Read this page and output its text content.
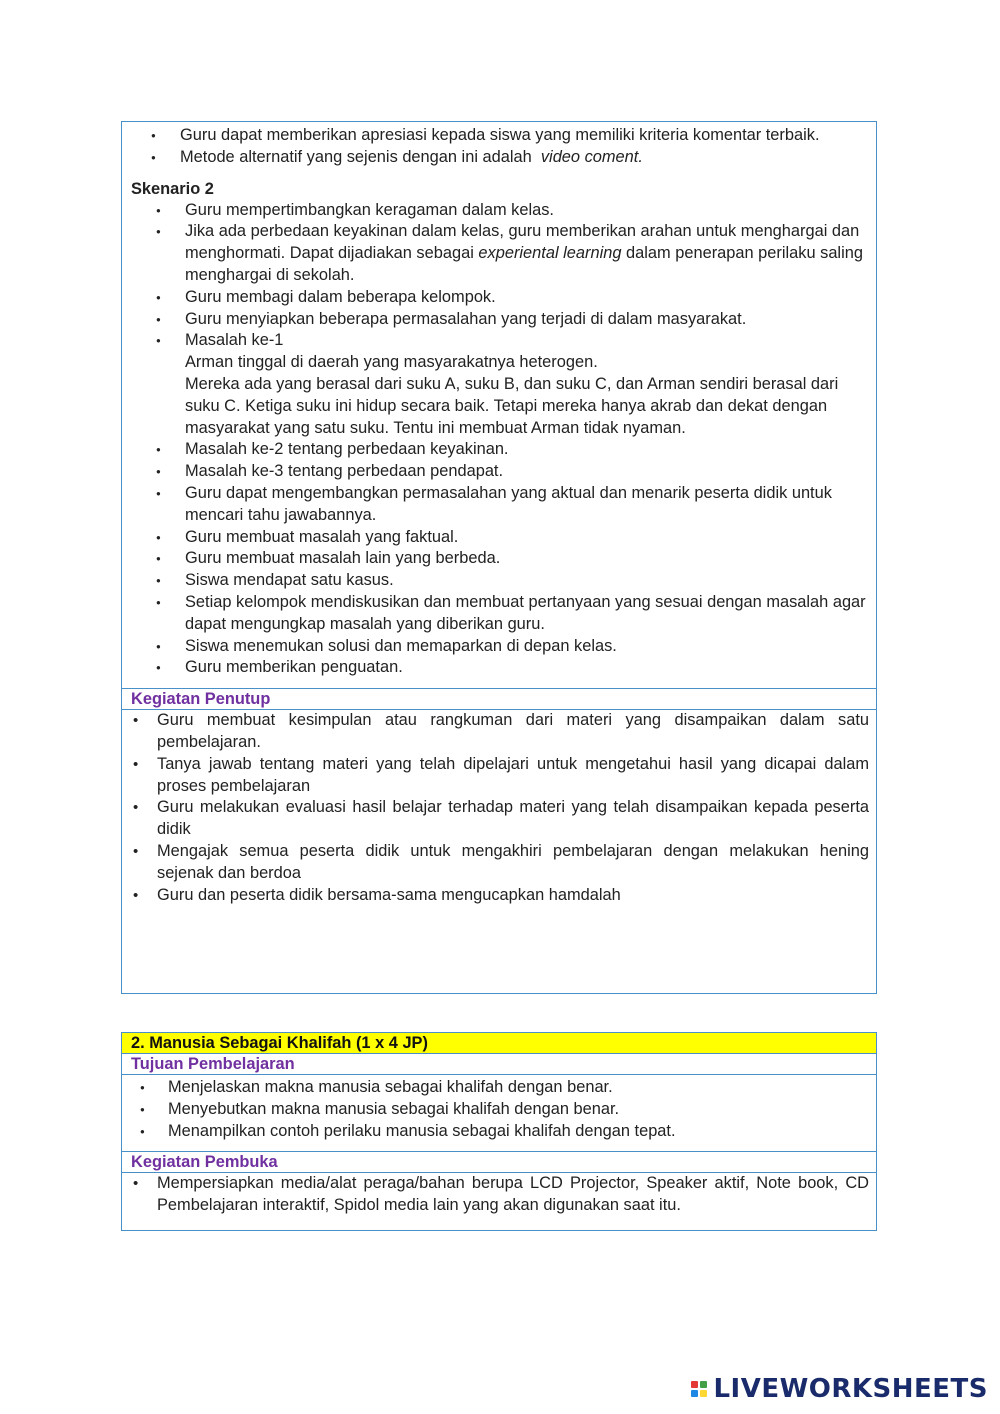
● Guru dapat memberikan apresiasi kepada siswa yang memiliki kriteria komentar terbaik.
● Metode alternatif yang sejenis dengan ini adalah video coment.
Skenario 2
● Guru mempertimbangkan keragaman dalam kelas.
● Jika ada perbedaan keyakinan dalam kelas, guru memberikan arahan untuk menghargai dan menghormati. Dapat dijadiakan sebagai experiental learning dalam penerapan perilaku saling menghargai di sekolah.
● Guru membagi dalam beberapa kelompok.
● Guru menyiapkan beberapa permasalahan yang terjadi di dalam masyarakat.
● Masalah ke-1
Arman tinggal di daerah yang masyarakatnya heterogen.
Mereka ada yang berasal dari suku A, suku B, dan suku C, dan Arman sendiri berasal dari suku C. Ketiga suku ini hidup secara baik. Tetapi mereka hanya akrab dan dekat dengan masyarakat yang satu suku. Tentu ini membuat Arman tidak nyaman.
● Masalah ke-2 tentang perbedaan keyakinan.
● Masalah ke-3 tentang perbedaan pendapat.
● Guru dapat mengembangkan permasalahan yang aktual dan menarik peserta didik untuk mencari tahu jawabannya.
● Guru membuat masalah yang faktual.
● Guru membuat masalah lain yang berbeda.
● Siswa mendapat satu kasus.
● Setiap kelompok mendiskusikan dan membuat pertanyaan yang sesuai dengan masalah agar dapat mengungkap masalah yang diberikan guru.
● Siswa menemukan solusi dan memaparkan di depan kelas.
● Guru memberikan penguatan.
Kegiatan Penutup
• Guru membuat kesimpulan atau rangkuman dari materi yang disampaikan dalam satu pembelajaran.
• Tanya jawab tentang materi yang telah dipelajari untuk mengetahui hasil yang dicapai dalam proses pembelajaran
• Guru melakukan evaluasi hasil belajar terhadap materi yang telah disampaikan kepada peserta didik
• Mengajak semua peserta didik untuk mengakhiri pembelajaran dengan melakukan hening sejenak dan berdoa
• Guru dan peserta didik bersama-sama mengucapkan hamdalah
2. Manusia Sebagai Khalifah (1 x 4 JP)
Tujuan Pembelajaran
● Menjelaskan makna manusia sebagai khalifah dengan benar.
● Menyebutkan makna manusia sebagai khalifah dengan benar.
● Menampilkan contoh perilaku manusia sebagai khalifah dengan tepat.
Kegiatan Pembuka
• Mempersiapkan media/alat peraga/bahan berupa LCD Projector, Speaker aktif, Note book, CD Pembelajaran interaktif, Spidol media lain yang akan digunakan saat itu.
LIVEWORKSHEETS
